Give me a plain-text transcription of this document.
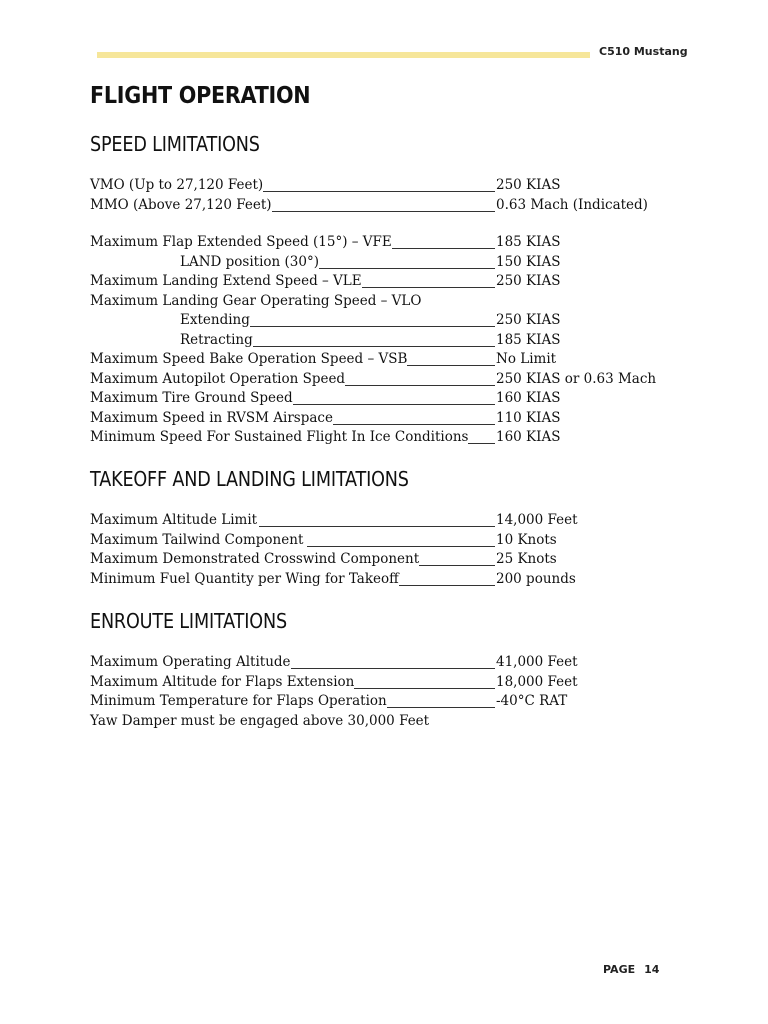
C510 Mustang
FLIGHT OPERATION
SPEED LIMITATIONS
VMO (Up to 27,120 Feet)	250 KIAS
MMO (Above 27,120 Feet)	0.63 Mach (Indicated)
Maximum Flap Extended Speed (15°) – VFE	185 KIAS
LAND position (30°)	150 KIAS
Maximum Landing Extend Speed – VLE	250 KIAS
Maximum Landing Gear Operating Speed – VLO
Extending	250 KIAS
Retracting	185 KIAS
Maximum Speed Bake Operation Speed – VSB	No Limit
Maximum Autopilot Operation Speed	250 KIAS or 0.63 Mach
Maximum Tire Ground Speed	160 KIAS
Maximum Speed in RVSM Airspace	110 KIAS
Minimum Speed For Sustained Flight In Ice Conditions 160 KIAS
TAKEOFF AND LANDING LIMITATIONS
Maximum Altitude Limit	14,000 Feet
Maximum Tailwind Component	10 Knots
Maximum Demonstrated Crosswind Component	25 Knots
Minimum Fuel Quantity per Wing for Takeoff	200 pounds
ENROUTE LIMITATIONS
Maximum Operating Altitude	41,000 Feet
Maximum Altitude for Flaps Extension	18,000 Feet
Minimum Temperature for Flaps Operation	-40°C RAT
Yaw Damper must be engaged above 30,000 Feet
PAGE 14
